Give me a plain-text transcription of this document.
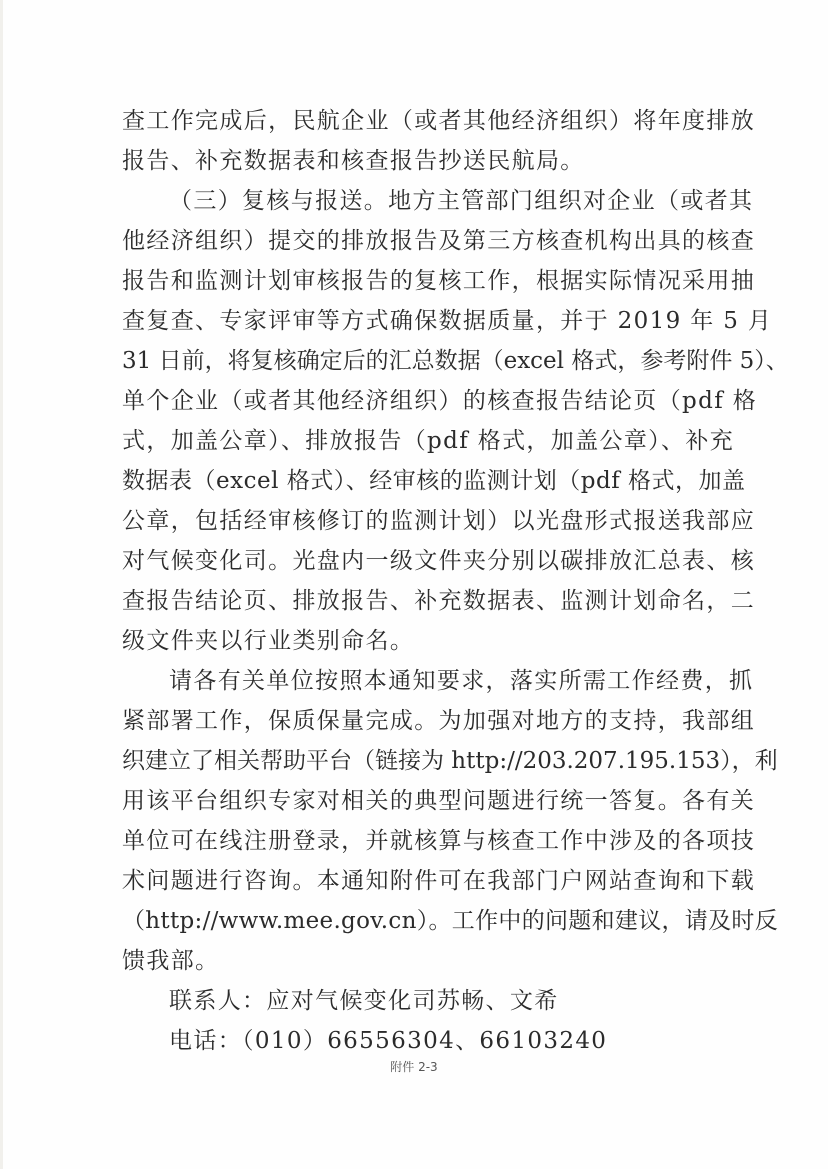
查工作完成后，民航企业（或者其他经济组织）将年度排放
报告、补充数据表和核查报告抄送民航局。
（三）复核与报送。地方主管部门组织对企业（或者其
他经济组织）提交的排放报告及第三方核查机构出具的核查
报告和监测计划审核报告的复核工作，根据实际情况采用抽
查复查、专家评审等方式确保数据质量，并于 2019 年 5 月
31 日前，将复核确定后的汇总数据（excel 格式，参考附件 5）、
单个企业（或者其他经济组织）的核查报告结论页（pdf 格
式，加盖公章）、排放报告（pdf 格式，加盖公章）、补充
数据表（excel 格式）、经审核的监测计划（pdf 格式，加盖
公章，包括经审核修订的监测计划）以光盘形式报送我部应
对气候变化司。光盘内一级文件夹分别以碳排放汇总表、核
查报告结论页、排放报告、补充数据表、监测计划命名，二
级文件夹以行业类别命名。
请各有关单位按照本通知要求，落实所需工作经费，抓
紧部署工作，保质保量完成。为加强对地方的支持，我部组
织建立了相关帮助平台（链接为 http://203.207.195.153），利
用该平台组织专家对相关的典型问题进行统一答复。各有关
单位可在线注册登录，并就核算与核查工作中涉及的各项技
术问题进行咨询。本通知附件可在我部门户网站查询和下载
（http://www.mee.gov.cn）。工作中的问题和建议，请及时反
馈我部。
联系人：应对气候变化司苏畅、文希
电话：（010）66556304、66103240
附件 2-3
